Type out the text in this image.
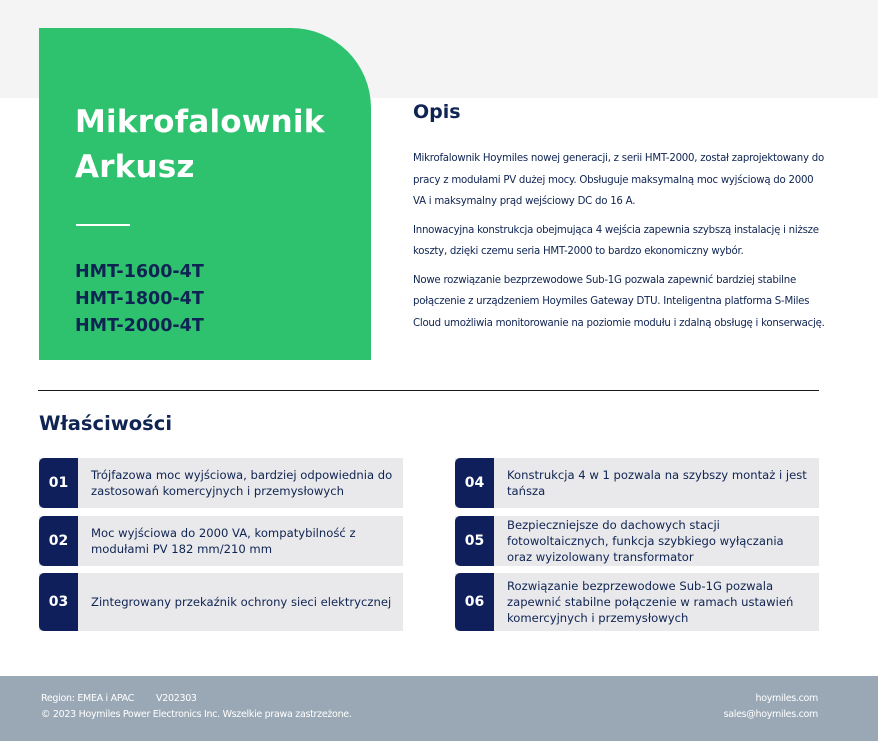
Mikrofalownik
Arkusz
HMT-1600-4T
HMT-1800-4T
HMT-2000-4T
Opis

Mikrofalownik Hoymiles nowej generacji, z serii HMT-2000, został zaprojektowany do pracy z modułami PV dużej mocy. Obsługuje maksymalną moc wyjściową do 2000 VA i maksymalny prąd wejściowy DC do 16 A.

Innowacyjna konstrukcja obejmująca 4 wejścia zapewnia szybszą instalację i niższe koszty, dzięki czemu seria HMT-2000 to bardzo ekonomiczny wybór.

Nowe rozwiązanie bezprzewodowe Sub-1G pozwala zapewnić bardziej stabilne połączenie z urządzeniem Hoymiles Gateway DTU. Inteligentna platforma S-Miles Cloud umożliwia monitorowanie na poziomie modułu i zdalną obsługę i konserwację.

Właściwości
01	Trójfazowa moc wyjściowa, bardziej odpowiednia do zastosowań komercyjnych i przemysłowych
02	Moc wyjściowa do 2000 VA, kompatybilność z modułami PV 182 mm/210 mm
03	Zintegrowany przekaźnik ochrony sieci elektrycznej
04	Konstrukcja 4 w 1 pozwala na szybszy montaż i jest tańsza
05
Bezpieczniejsze do dachowych stacji fotowoltaicznych, funkcja szybkiego wyłączania oraz wyizolowany transformator
06
Rozwiązanie bezprzewodowe Sub-1G pozwala zapewnić stabilne połączenie w ramach ustawień komercyjnych i przemysłowych
Region: EMEA i APAC V202303
© 2023 Hoymiles Power Electronics Inc. Wszelkie prawa zastrzeżone.
hoymiles.com
sales@hoymiles.com
